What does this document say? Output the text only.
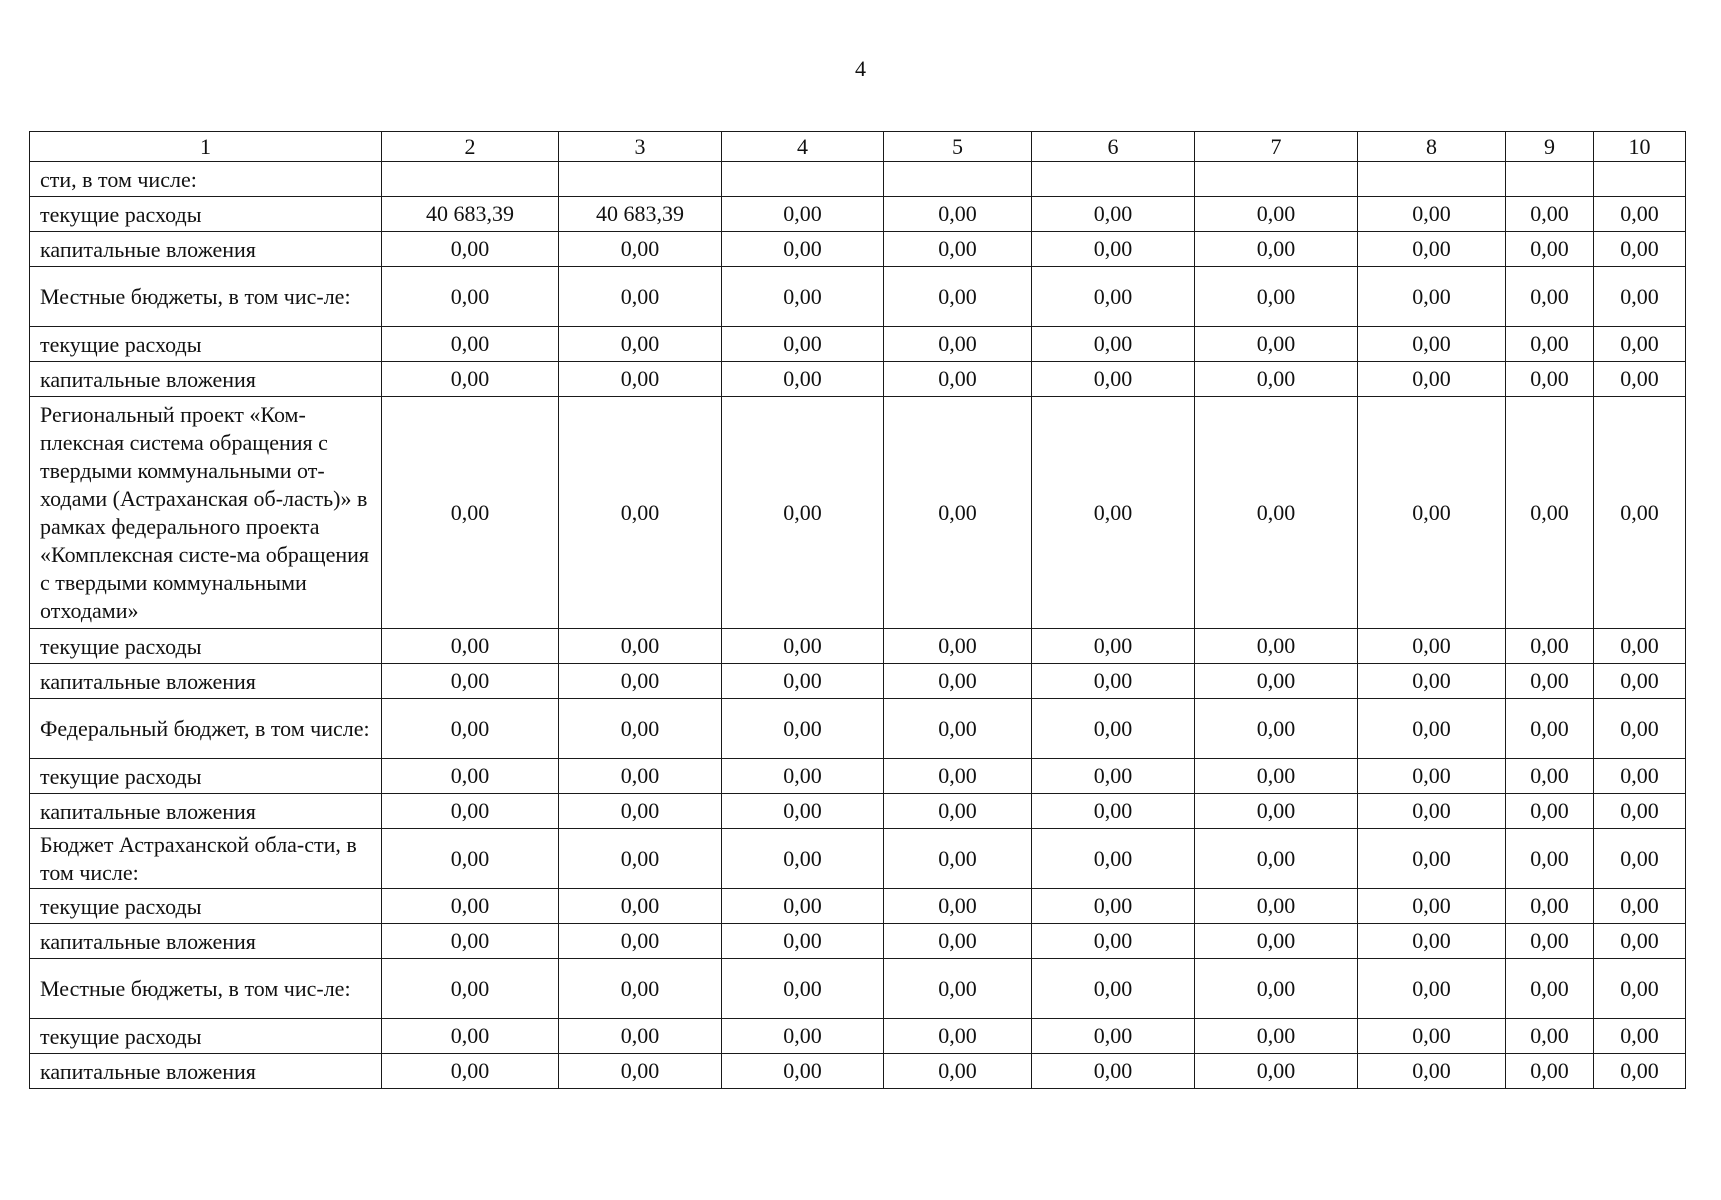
4
1	2	3	4	5	6	7	8	9	10
сти, в том числе:									
текущие расходы	40 683,39	40 683,39	0,00	0,00	0,00	0,00	0,00	0,00	0,00
капитальные вложения	0,00	0,00	0,00	0,00	0,00	0,00	0,00	0,00	0,00
Местные бюджеты, в том чис-ле:	0,00	0,00	0,00	0,00	0,00	0,00	0,00	0,00	0,00
текущие расходы	0,00	0,00	0,00	0,00	0,00	0,00	0,00	0,00	0,00
капитальные вложения	0,00	0,00	0,00	0,00	0,00	0,00	0,00	0,00	0,00
Региональный проект «Ком-плексная система обращения с твердыми коммунальными от-ходами (Астраханская об-ласть)» в рамках федерального проекта «Комплексная систе-ма обращения с твердыми коммунальными отходами»	0,00	0,00	0,00	0,00	0,00	0,00	0,00	0,00	0,00
текущие расходы	0,00	0,00	0,00	0,00	0,00	0,00	0,00	0,00	0,00
капитальные вложения	0,00	0,00	0,00	0,00	0,00	0,00	0,00	0,00	0,00
Федеральный бюджет, в том числе:	0,00	0,00	0,00	0,00	0,00	0,00	0,00	0,00	0,00
текущие расходы	0,00	0,00	0,00	0,00	0,00	0,00	0,00	0,00	0,00
капитальные вложения	0,00	0,00	0,00	0,00	0,00	0,00	0,00	0,00	0,00
Бюджет Астраханской обла-сти, в том числе:	0,00	0,00	0,00	0,00	0,00	0,00	0,00	0,00	0,00
текущие расходы	0,00	0,00	0,00	0,00	0,00	0,00	0,00	0,00	0,00
капитальные вложения	0,00	0,00	0,00	0,00	0,00	0,00	0,00	0,00	0,00
Местные бюджеты, в том чис-ле:	0,00	0,00	0,00	0,00	0,00	0,00	0,00	0,00	0,00
текущие расходы	0,00	0,00	0,00	0,00	0,00	0,00	0,00	0,00	0,00
капитальные вложения	0,00	0,00	0,00	0,00	0,00	0,00	0,00	0,00	0,00
